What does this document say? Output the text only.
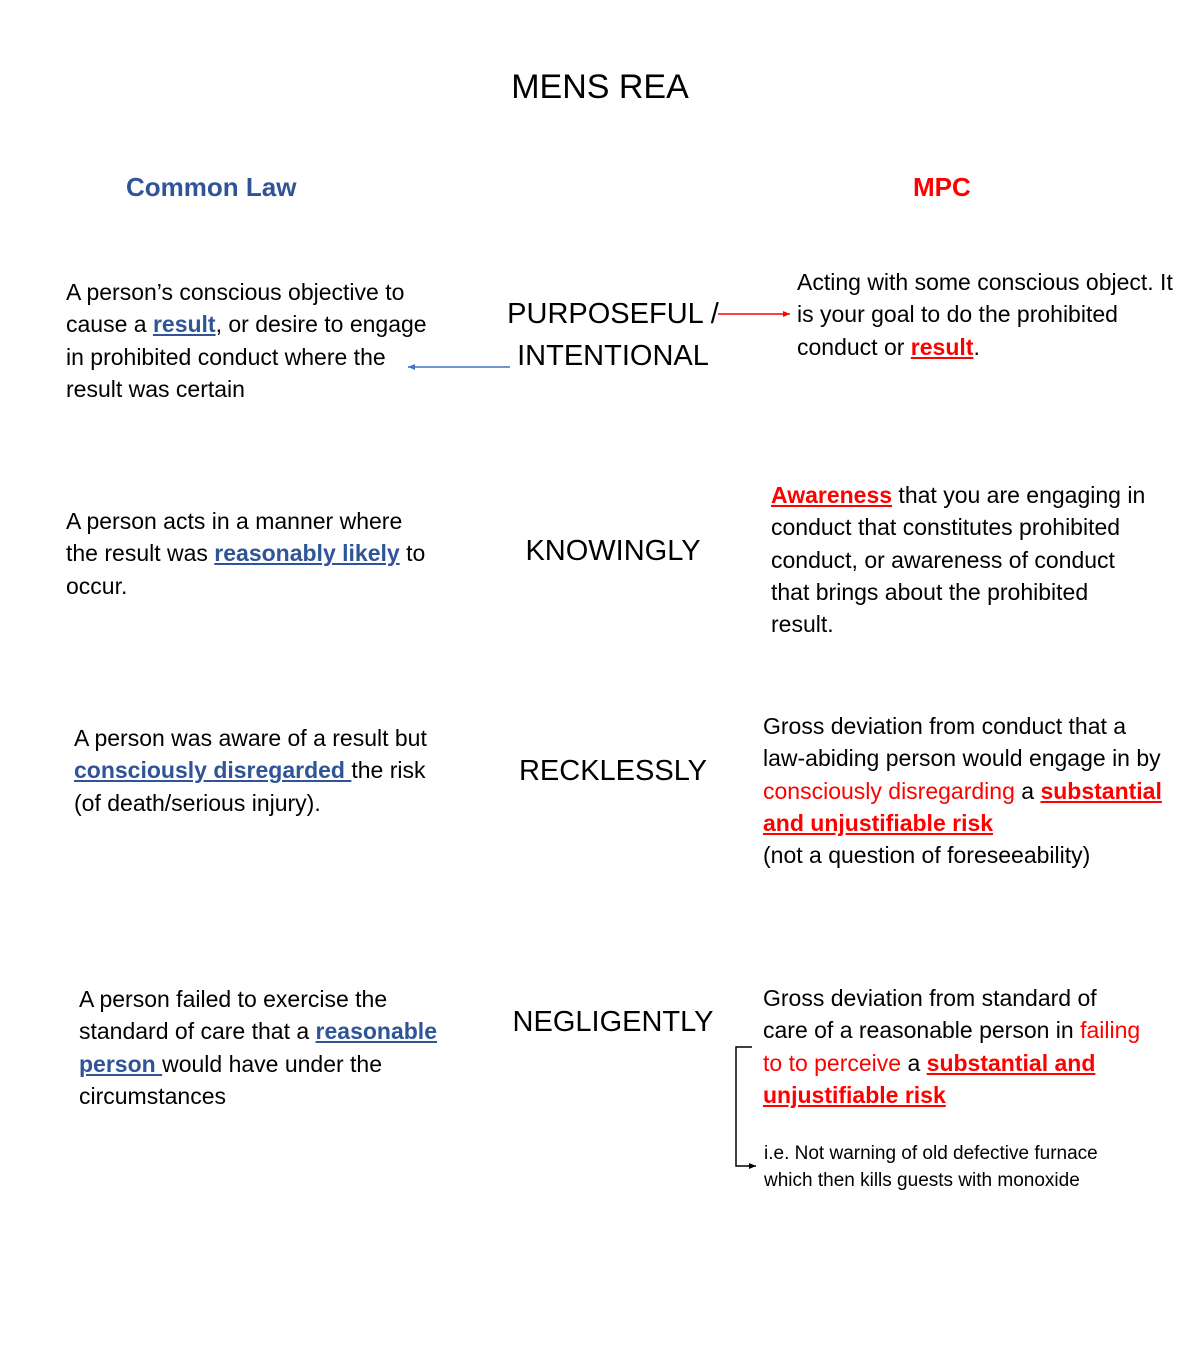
MENS REA
Common Law	MPC
PURPOSEFUL /
INTENTIONAL
A person’s conscious objective to cause a result, or desire to engage in prohibited conduct where the result was certain
Acting with some conscious object. It is your goal to do the prohibited conduct or result.
KNOWINGLY
A person acts in a manner where the result was reasonably likely to occur.
Awareness that you are engaging in conduct that constitutes prohibited conduct, or awareness of conduct that brings about the prohibited result.
RECKLESSLY
A person was aware of a result but consciously disregarded the risk (of death/serious injury).
Gross deviation from conduct that a law-abiding person would engage in by consciously disregarding a substantial and unjustifiable risk
(not a question of foreseeability)
NEGLIGENTLY
A person failed to exercise the standard of care that a reasonable person would have under the circumstances
Gross deviation from standard of care of a reasonable person in failing to to perceive a substantial and unjustifiable risk
i.e. Not warning of old defective furnace which then kills guests with monoxide
